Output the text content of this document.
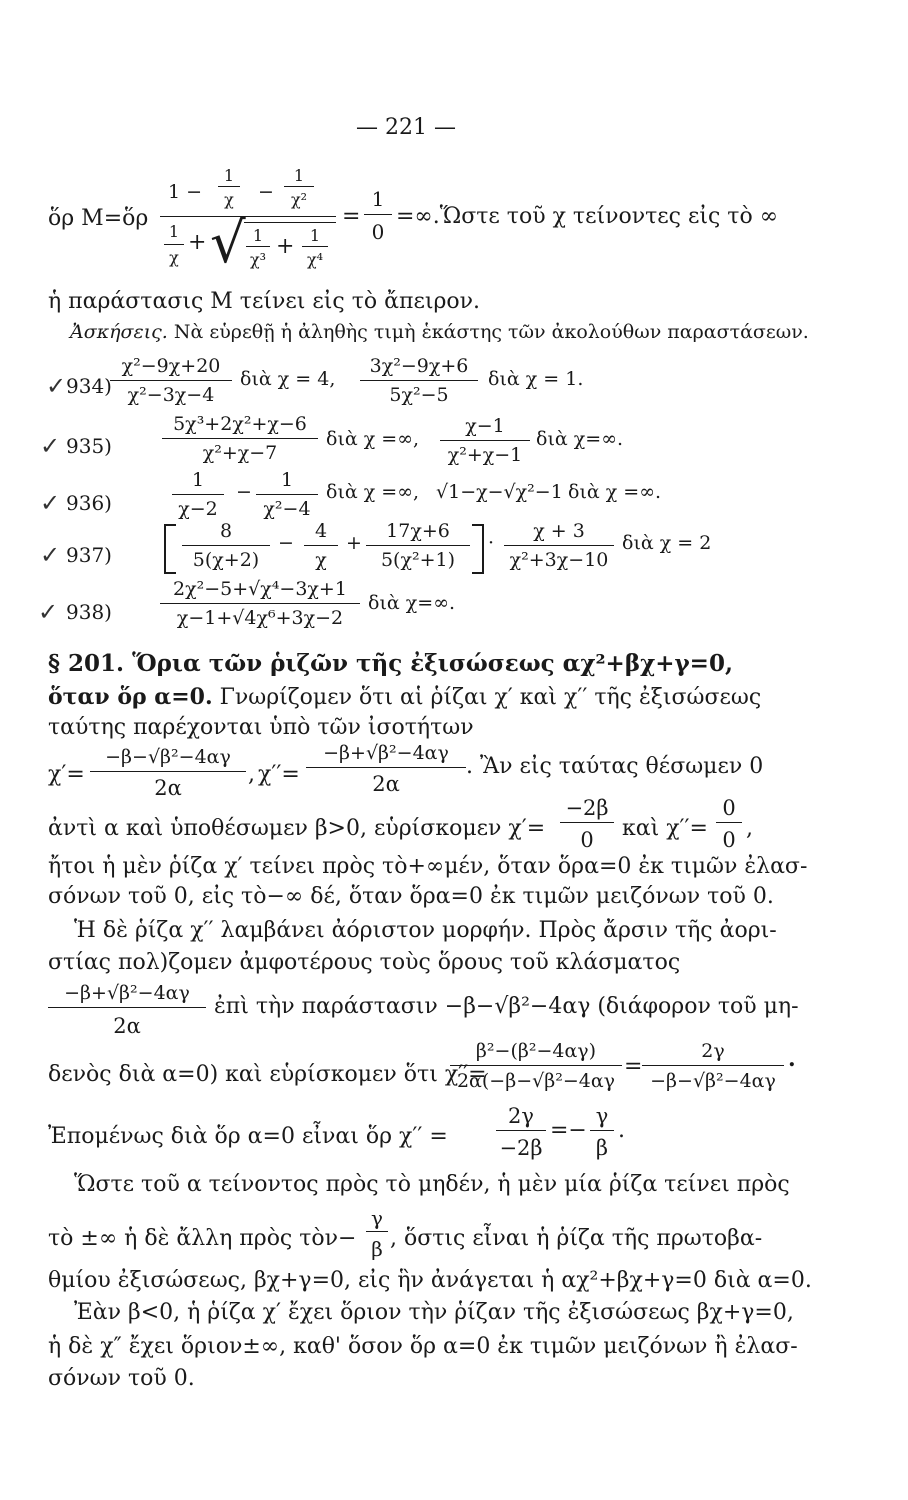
— 221 —
ὅρ M=ὅρ
1 −
1
χ	−
1
χ²
1
χ
+ √ 1
χ³
+ 1
χ⁴
=
1
0
=∞.Ὥστε τοῦ χ τείνοντες εἰς τὸ ∞
ἡ παράστασις M τείνει εἰς τὸ ἄπειρον.
Ἀσκήσεις. Νὰ εὑρεθῇ ἡ ἀληθὴς τιμὴ ἑκάστης τῶν ἀκολούθων παραστάσεων.
✓ 934)
χ²−9χ+20
χ²−3χ−4
διὰ χ = 4,
3χ²−9χ+6
5χ²−5
διὰ χ = 1.
✓ 935)
5χ³+2χ²+χ−6
χ²+χ−7
διὰ χ =∞,
χ−1
χ²+χ−1
διὰ χ=∞.
✓ 936)
1
χ−2
−
1
χ²−4
διὰ χ =∞, √1−χ−√χ²−1 διὰ χ =∞.
✓ 937)
8
5(χ+2)
−
4
χ
+
17χ+6
5(χ²+1)
·
χ + 3
χ²+3χ−10
διὰ χ = 2
✓ 938)
2χ²−5+√χ⁴−3χ+1
χ−1+√4χ⁶+3χ−2
διὰ χ=∞.
§ 201. Ὅρια τῶν ῥιζῶν τῆς ἐξισώσεως αχ²+βχ+γ=0,
ὅταν ὅρ α=0. Γνωρίζομεν ὅτι αἱ ῥίζαι χ′ καὶ χ′′ τῆς ἐξισώσεως
ταύτης παρέχονται ὑπὸ τῶν ἰσοτήτων
χ′=
−β−√β²−4αγ
2α
, χ′′=
−β+√β²−4αγ
2α
. Ἂν εἰς ταύτας θέσωμεν 0
ἀντὶ α καὶ ὑποθέσωμεν β>0, εὑρίσκομεν χ′=
−2β
0	καὶ χ′′=
0
0 ,
ἤτοι ἡ μὲν ῥίζα χ′ τείνει πρὸς τὸ+∞μέν, ὅταν ὅρα=0 ἐκ τιμῶν ἐλασ-
σόνων τοῦ 0, εἰς τὸ−∞ δέ, ὅταν ὅρα=0 ἐκ τιμῶν μειζόνων τοῦ 0.
Ἡ δὲ ῥίζα χ′′ λαμβάνει ἀόριστον μορφήν. Πρὸς ἄρσιν τῆς ἀορι-
στίας πολ)ζομεν ἀμφοτέρους τοὺς ὅρους τοῦ κλάσματος
−β+√β²−4αγ
2α
ἐπὶ τὴν παράστασιν −β−√β²−4αγ (διάφορον τοῦ μη-
δενὸς διὰ α=0) καὶ εὑρίσκομεν ὅτι χ′′=
β²−(β²−4αγ)
2α(−β−√β²−4αγ
=
2γ
−β−√β²−4αγ
.
Ἐπομένως διὰ ὅρ α=0 εἶναι ὅρ χ′′ =
2γ
−2β
=−
γ
β
.
Ὥστε τοῦ α τείνοντος πρὸς τὸ μηδέν, ἡ μὲν μία ῥίζα τείνει πρὸς
τὸ ±∞ ἡ δὲ ἄλλη πρὸς τὸν−
γ
β , ὅστις εἶναι ἡ ῥίζα τῆς πρωτοβα-
θμίου ἐξισώσεως, βχ+γ=0, εἰς ἣν ἀνάγεται ἡ αχ²+βχ+γ=0 διὰ α=0.
Ἐὰν β<0, ἡ ῥίζα χ′ ἔχει ὅριον τὴν ῥίζαν τῆς ἐξισώσεως βχ+γ=0,
ἡ δὲ χ″ ἔχει ὅριον±∞, καθ' ὅσον ὅρ α=0 ἐκ τιμῶν μειζόνων ἢ ἐλασ-
σόνων τοῦ 0.
